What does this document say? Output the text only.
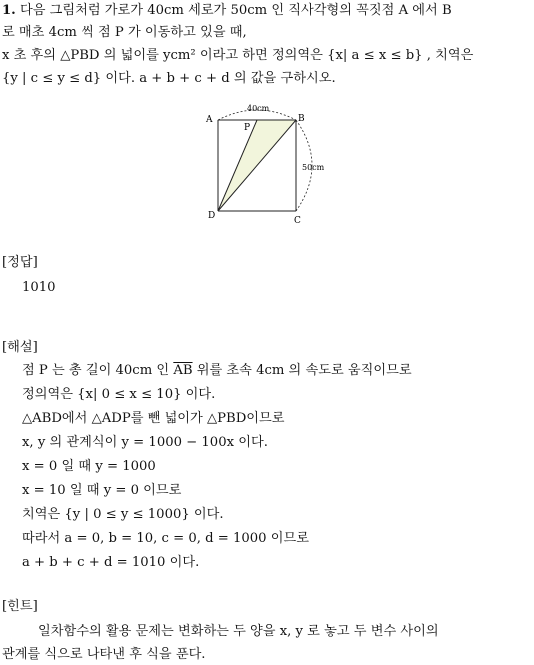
1. 다음 그림처럼 가로가 40cm 세로가 50cm 인 직사각형의 꼭짓점 A 에서 B
로 매초 4cm 씩 점 P 가 이동하고 있을 때,
x 초 후의 △PBD 의 넓이를 ycm² 이라고 하면 정의역은 {x| a ≤ x ≤ b} , 치역은
{y | c ≤ y ≤ d} 이다. a + b + c + d 의 값을 구하시오.
A	B
C
D
P
40cm
50cm
[정답]
1010
[해설]
점 P 는 총 길이 40cm 인 $\overline{AB}$ 위를 초속 4cm 의 속도로 움직이므로
정의역은 {x| 0 ≤ x ≤ 10} 이다.
△ABD에서 △ADP를 뺀 넓이가 △PBD이므로
x, y 의 관계식이 y = 1000 − 100x 이다.
x = 0 일 때 y = 1000
x = 10 일 때 y = 0 이므로
치역은 {y | 0 ≤ y ≤ 1000} 이다.
따라서 a = 0, b = 10, c = 0, d = 1000 이므로
a + b + c + d = 1010 이다.
[힌트]
일차함수의 활용 문제는 변화하는 두 양을 x, y 로 놓고 두 변수 사이의
관계를 식으로 나타낸 후 식을 푼다.
